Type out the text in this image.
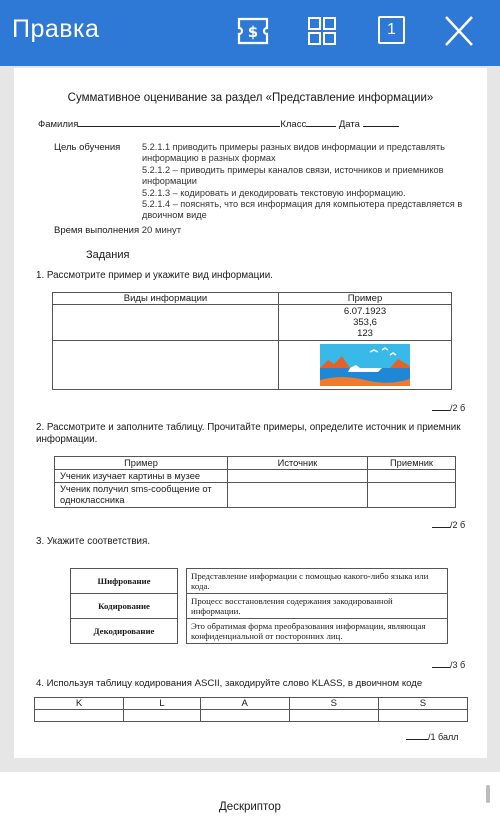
Правка	$	1
Суммативное оценивание за раздел «Представление информации»
Фамилия	Класс	Дата
Цель обучения 5.2.1.1 приводить примеры разных видов информации и представлять информацию в разных формах
5.2.1.2 – приводить примеры каналов связи, источников и приемников информации
5.2.1.3 – кодировать и декодировать текстовую информацию.
5.2.1.4 – пояснять, что вся информация для компьютера представляется в двоичном виде
Время выполнения 20 минут
Задания
1. Рассмотрите пример и укажите вид информации.
Виды информации	Пример

	6.07.1923
353,6
123

/2 б
2. Рассмотрите и заполните таблицу. Прочитайте примеры, определите источник и приемник информации.
Пример	Источник	Приемник
Ученик изучает картины в музее		
Ученик получил sms-сообщение от одноклассника		
/2 б
3. Укажите соответствия.
Шифрование		Представление информации с помощью какого-либо языка или кода.
Кодирование		Процесс восстановления содержания закодированной информации.
Декодирование		Это обратимая форма преобразования информации, являющая конфиденциальной от посторонних лиц.
/3 б
4. Используя таблицу кодирования ASCII, закодируйте слово KLASS, в двоичном коде
K	L	A	S	S

/1 балл
Дескриптор
